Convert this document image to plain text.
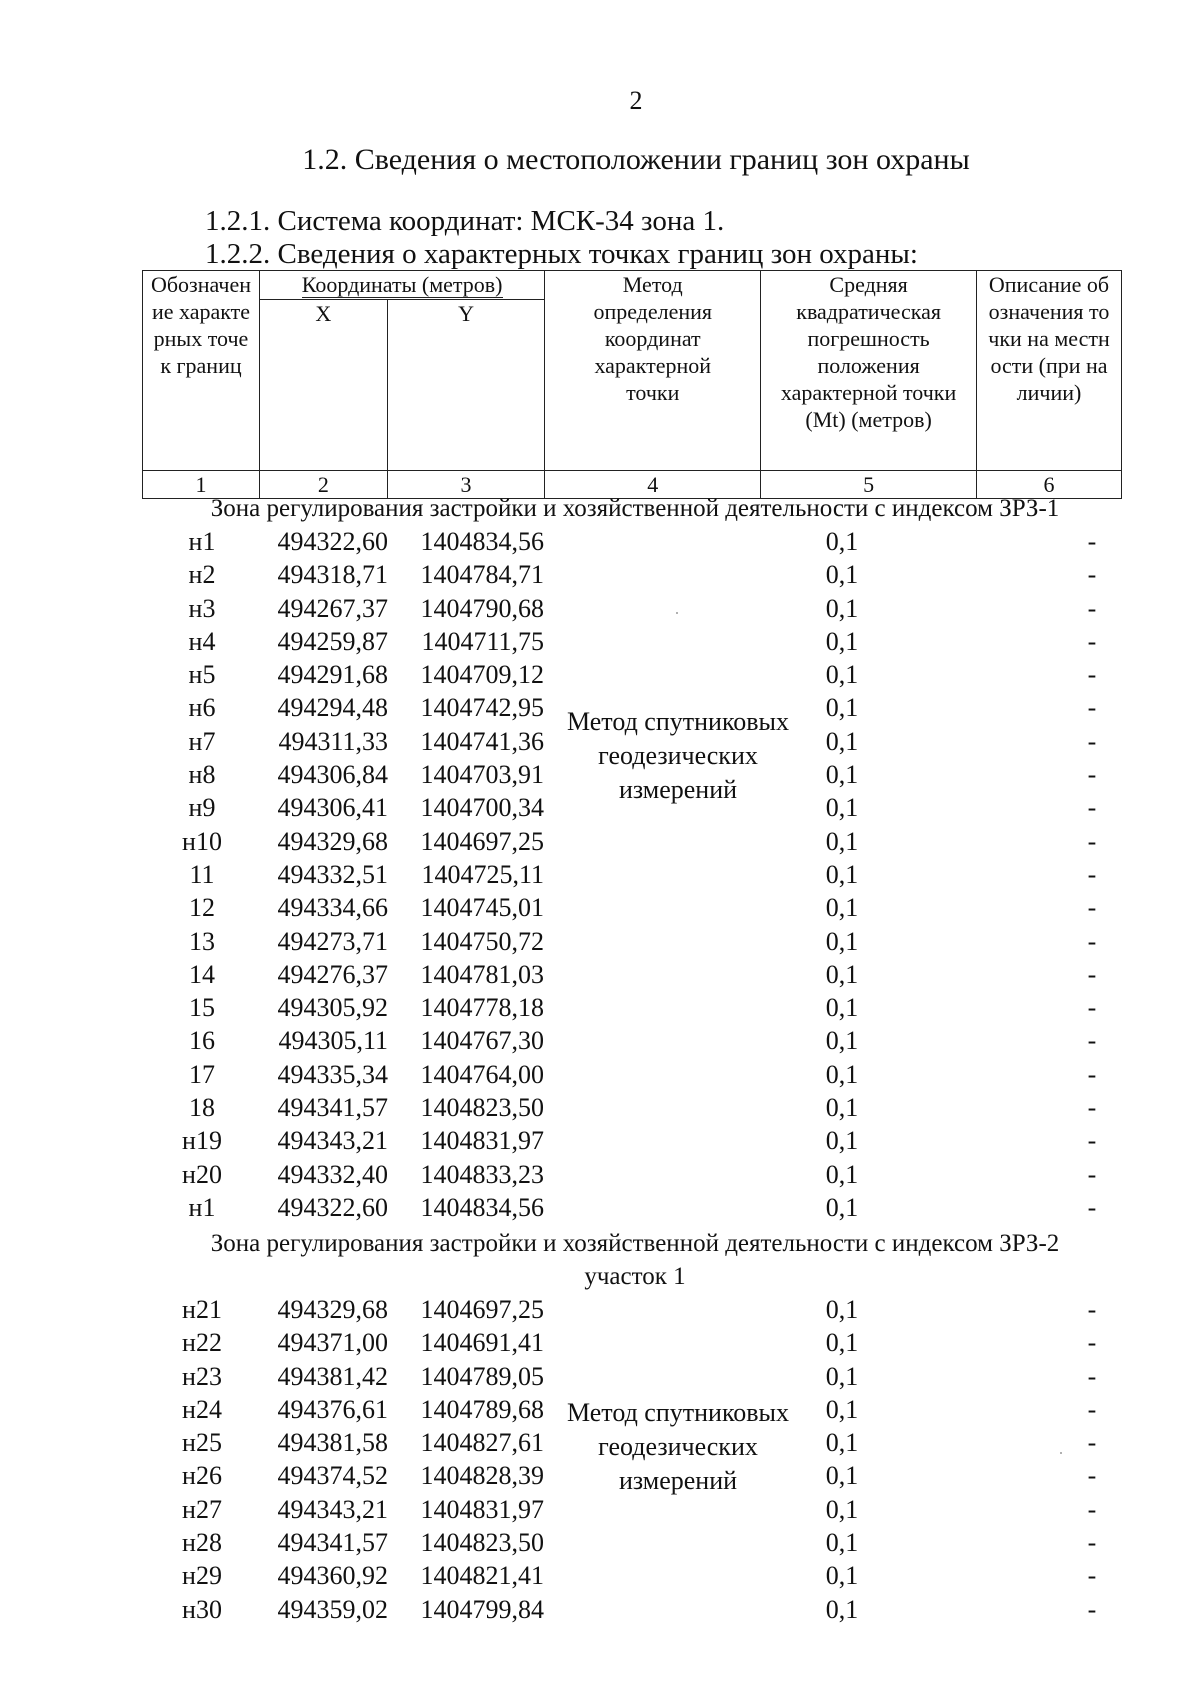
2
1.2. Сведения о местоположении границ зон охраны
1.2.1. Система координат: МСК-34 зона 1.
1.2.2. Сведения о характерных точках границ зон охраны:
Обозначение характерных точек границ	Координаты (метров)		Метод определения координат характерной точки	Средняя квадратическая погрешность положения характерной точки (Mt) (метров)	Описание обозначения точки на местности (при наличии)

	X	Y			
1	2	3	4	5	6
Зона регулирования застройки и хозяйственной деятельности с индексом ЗРЗ-1
н1	494322,60	1404834,56	0,1	-
н2	494318,71	1404784,71	0,1	-
н3	494267,37	1404790,68	0,1	-
н4	494259,87	1404711,75	0,1	-
н5	494291,68	1404709,12	0,1	-
н6	494294,48	1404742,95	0,1	-
н7	494311,33	1404741,36	0,1	-
н8	494306,84	1404703,91	0,1	-
н9	494306,41	1404700,34	0,1	-
н10	494329,68	1404697,25	0,1	-
11	494332,51	1404725,11	0,1	-
12	494334,66	1404745,01	0,1	-
13	494273,71	1404750,72	0,1	-
14	494276,37	1404781,03	0,1	-
15	494305,92	1404778,18	0,1	-
16	494305,11	1404767,30	0,1	-
17	494335,34	1404764,00	0,1	-
18	494341,57	1404823,50	0,1	-
н19	494343,21	1404831,97	0,1	-
н20	494332,40	1404833,23	0,1	-
н1	494322,60	1404834,56	0,1	-
Метод спутниковых геодезических измерений
Зона регулирования застройки и хозяйственной деятельности с индексом ЗРЗ-2
участок 1
н21	494329,68	1404697,25	0,1	-
н22	494371,00	1404691,41	0,1	-
н23	494381,42	1404789,05	0,1	-
н24	494376,61	1404789,68	0,1	-
н25	494381,58	1404827,61	0,1	-
н26	494374,52	1404828,39	0,1	-
н27	494343,21	1404831,97	0,1	-
н28	494341,57	1404823,50	0,1	-
н29	494360,92	1404821,41	0,1	-
н30	494359,02	1404799,84	0,1	-
Метод спутниковых геодезических измерений
